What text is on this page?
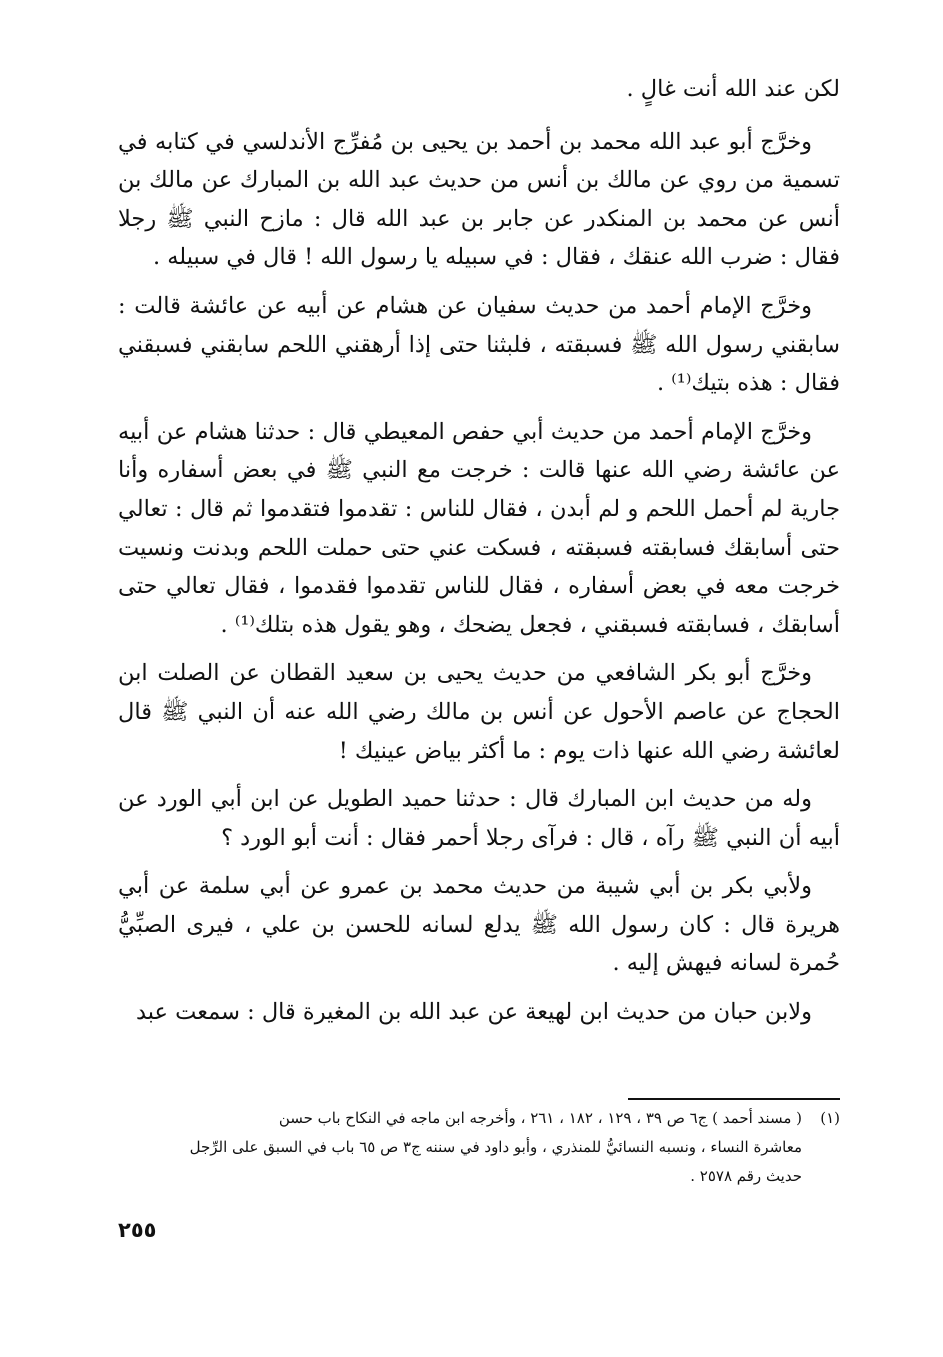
لكن عند الله أنت غالٍ .

وخرَّج أبو عبد الله محمد بن أحمد بن يحيى بن مُفرِّج الأندلسي في كتابه في تسمية من روي عن مالك بن أنس من حديث عبد الله بن المبارك عن مالك بن أنس عن محمد بن المنكدر عن جابر بن عبد الله قال : مازح النبي ﷺ رجلا فقال : ضرب الله عنقك ، فقال : في سبيله يا رسول الله ! قال في سبيله .

وخرَّج الإمام أحمد من حديث سفيان عن هشام عن أبيه عن عائشة قالت : سابقني رسول الله ﷺ فسبقته ، فلبثنا حتى إذا أرهقني اللحم سابقني فسبقني فقال : هذه بتيك⁽¹⁾ .

وخرَّج الإمام أحمد من حديث أبي حفص المعيطي قال : حدثنا هشام عن أبيه عن عائشة رضي الله عنها قالت : خرجت مع النبي ﷺ في بعض أسفاره وأنا جارية لم أحمل اللحم و لم أبدن ، فقال للناس : تقدموا فتقدموا ثم قال : تعالي حتى أسابقك فسابقته فسبقته ، فسكت عني حتى حملت اللحم وبدنت ونسيت خرجت معه في بعض أسفاره ، فقال للناس تقدموا فقدموا ، فقال تعالي حتى أسابقك ، فسابقته فسبقني ، فجعل يضحك ، وهو يقول هذه بتلك⁽¹⁾ .

وخرَّج أبو بكر الشافعي من حديث يحيى بن سعيد القطان عن الصلت ابن الحجاج عن عاصم الأحول عن أنس بن مالك رضي الله عنه أن النبي ﷺ قال لعائشة رضي الله عنها ذات يوم : ما أكثر بياض عينيك !

وله من حديث ابن المبارك قال : حدثنا حميد الطويل عن ابن أبي الورد عن أبيه أن النبي ﷺ رآه ، قال : فرآى رجلا أحمر فقال : أنت أبو الورد ؟

ولأبي بكر بن أبي شيبة من حديث محمد بن عمرو عن أبي سلمة عن أبي هريرة قال : كان رسول الله ﷺ يدلع لسانه للحسن بن علي ، فيرى الصبِّيُّ حُمرة لسانه فيهش إليه .

ولابن حبان من حديث ابن لهيعة عن عبد الله بن المغيرة قال : سمعت عبد

(١)( مسند أحمد ) ج٦ ص ٣٩ ، ١٢٩ ، ١٨٢ ، ٢٦١ ، وأخرجه ابن ماجه في النكاح باب حسن
معاشرة النساء ، ونسبه النسائيُّ للمنذري ، وأبو داود في سننه ج٣ ص ٦٥ باب في السبق على الرِّجل
حديث رقم ٢٥٧٨ .
٢٥٥
